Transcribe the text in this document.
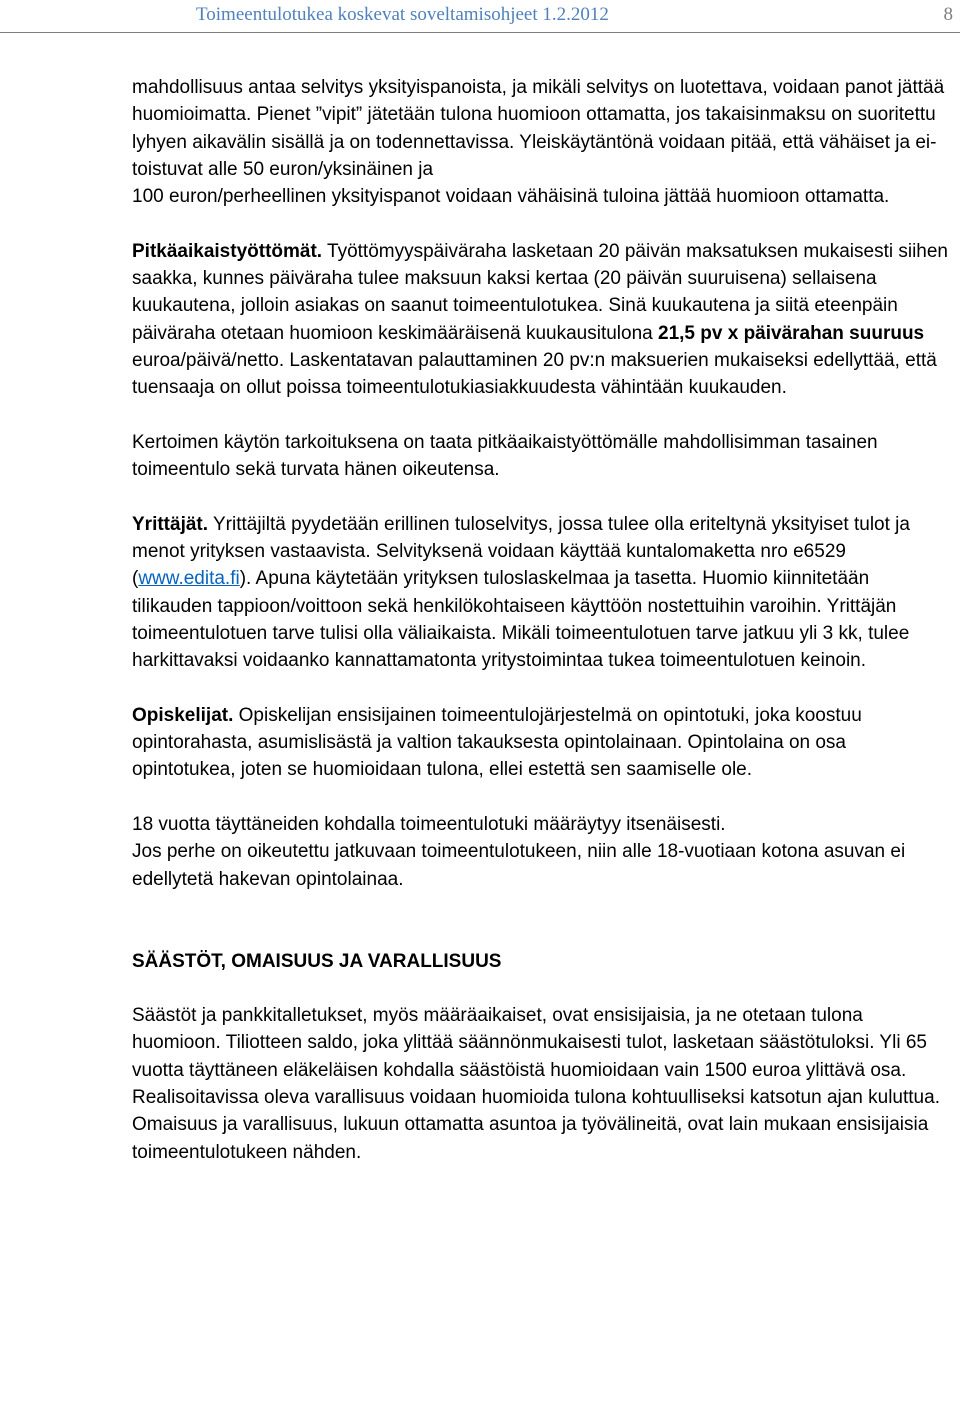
Toimeentulotukea koskevat soveltamisohjeet 1.2.2012	8

mahdollisuus antaa selvitys yksityispanoista, ja mikäli selvitys on luotettava, voidaan panot jättää huomioimatta. Pienet ”vipit” jätetään tulona huomioon ottamatta, jos takaisinmaksu on suoritettu lyhyen aikavälin sisällä ja on todennettavissa. Yleiskäytäntönä voidaan pitää, että vähäiset ja ei-toistuvat alle 50 euron/yksinäinen ja
100 euron/perheellinen yksityispanot voidaan vähäisinä tuloina jättää huomioon ottamatta.

Pitkäaikaistyöttömät. Työttömyyspäiväraha lasketaan 20 päivän maksatuksen mukaisesti siihen saakka, kunnes päiväraha tulee maksuun kaksi kertaa (20 päivän suuruisena) sellaisena kuukautena, jolloin asiakas on saanut toimeentulotukea. Sinä kuukautena ja siitä eteenpäin päiväraha otetaan huomioon keskimääräisenä kuukausitulona 21,5 pv x päivärahan suuruus euroa/päivä/netto. Laskentatavan palauttaminen 20 pv:n maksuerien mukaiseksi edellyttää, että tuensaaja on ollut poissa toimeentulotukiasiakkuudesta vähintään kuukauden.

Kertoimen käytön tarkoituksena on taata pitkäaikaistyöttömälle mahdollisimman tasainen toimeentulo sekä turvata hänen oikeutensa.

Yrittäjät. Yrittäjiltä pyydetään erillinen tuloselvitys, jossa tulee olla eriteltynä yksityiset tulot ja menot yrityksen vastaavista. Selvityksenä voidaan käyttää kuntalomaketta nro e6529 (www.edita.fi). Apuna käytetään yrityksen tuloslaskelmaa ja tasetta. Huomio kiinnitetään tilikauden tappioon/voittoon sekä henkilökohtaiseen käyttöön nostettuihin varoihin. Yrittäjän toimeentulotuen tarve tulisi olla väliaikaista. Mikäli toimeentulotuen tarve jatkuu yli 3 kk, tulee harkittavaksi voidaanko kannattamatonta yritystoimintaa tukea toimeentulotuen keinoin.

Opiskelijat. Opiskelijan ensisijainen toimeentulojärjestelmä on opintotuki, joka koostuu opintorahasta, asumislisästä ja valtion takauksesta opintolainaan. Opintolaina on osa opintotukea, joten se huomioidaan tulona, ellei estettä sen saamiselle ole.

18 vuotta täyttäneiden kohdalla toimeentulotuki määräytyy itsenäisesti.
Jos perhe on oikeutettu jatkuvaan toimeentulotukeen, niin alle 18-vuotiaan kotona asuvan ei edellytetä hakevan opintolainaa.

SÄÄSTÖT, OMAISUUS JA VARALLISUUS

Säästöt ja pankkitalletukset, myös määräaikaiset, ovat ensisijaisia, ja ne otetaan tulona huomioon. Tiliotteen saldo, joka ylittää säännönmukaisesti tulot, lasketaan säästötuloksi. Yli 65 vuotta täyttäneen eläkeläisen kohdalla säästöistä huomioidaan vain 1500 euroa ylittävä osa.
Realisoitavissa oleva varallisuus voidaan huomioida tulona kohtuulliseksi katsotun ajan kuluttua. Omaisuus ja varallisuus, lukuun ottamatta asuntoa ja työvälineitä, ovat lain mukaan ensisijaisia toimeentulotukeen nähden.
